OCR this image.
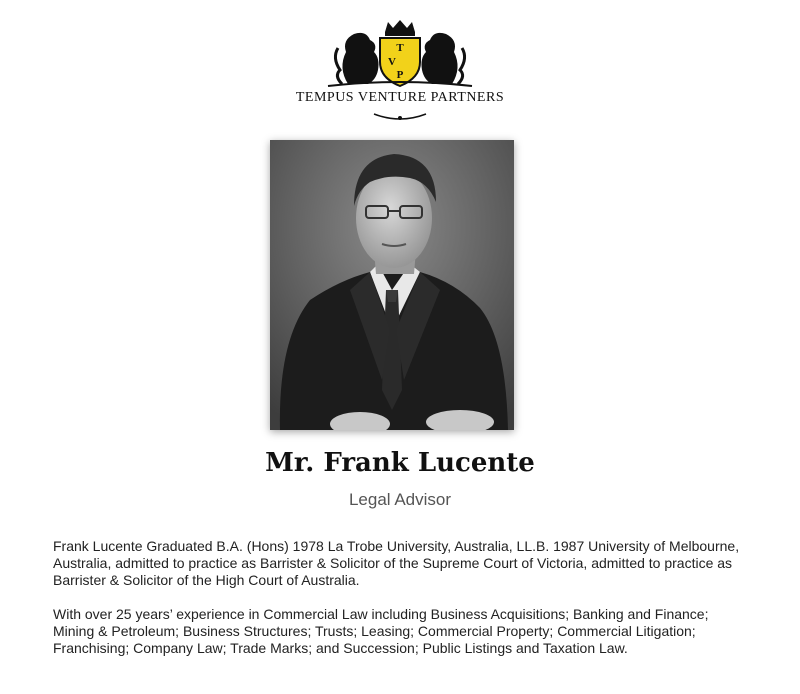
T
V
P
TEMPUS VENTURE PARTNERS
Mr. Frank Lucente
Legal Advisor

Frank Lucente Graduated B.A. (Hons) 1978 La Trobe University, Australia, LL.B. 1987 University of Melbourne, Australia, admitted to practice as Barrister & Solicitor of the Supreme Court of Victoria, admitted to practice as Barrister & Solicitor of the High Court of Australia.

With over 25 years’ experience in Commercial Law including Business Acquisitions; Banking and Finance; Mining & Petroleum; Business Structures; Trusts; Leasing; Commercial Property; Commercial Litigation; Franchising; Company Law; Trade Marks; and Succession; Public Listings and Taxation Law.
